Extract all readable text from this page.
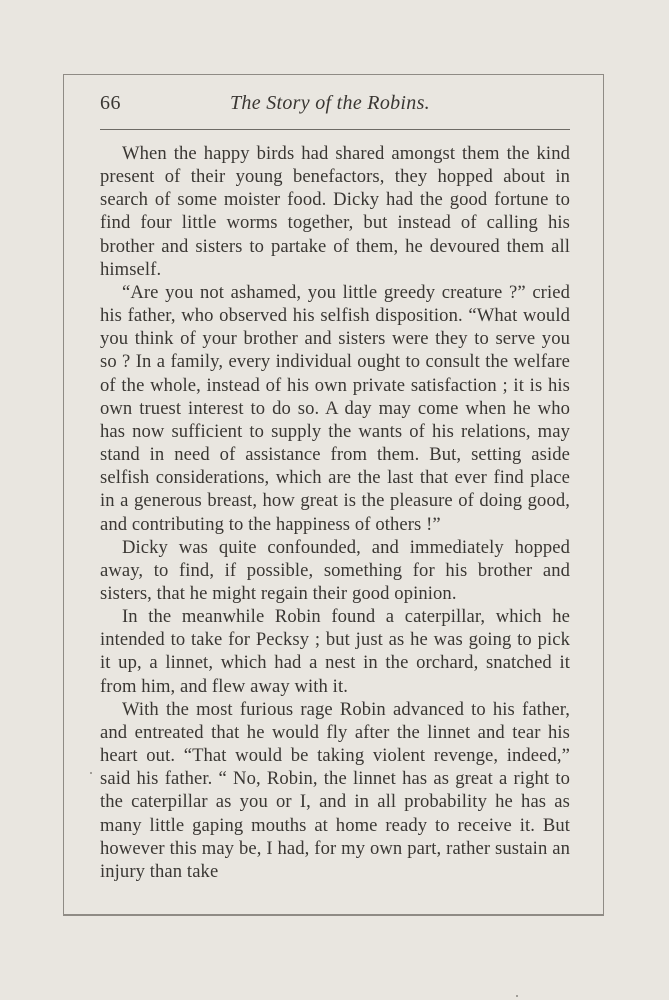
66	The Story of the Robins.

When the happy birds had shared amongst them the kind present of their young benefactors, they hopped about in search of some moister food. Dicky had the good fortune to find four little worms together, but instead of calling his brother and sisters to partake of them, he devoured them all himself.

“Are you not ashamed, you little greedy creature ?” cried his father, who observed his selfish disposition. “What would you think of your brother and sisters were they to serve you so ? In a family, every individual ought to consult the welfare of the whole, instead of his own private satisfaction ; it is his own truest interest to do so. A day may come when he who has now sufficient to supply the wants of his relations, may stand in need of assistance from them. But, setting aside selfish considerations, which are the last that ever find place in a generous breast, how great is the pleasure of doing good, and contributing to the happiness of others !”

Dicky was quite confounded, and immediately hopped away, to find, if possible, something for his brother and sisters, that he might regain their good opinion.

In the meanwhile Robin found a caterpillar, which he intended to take for Pecksy ; but just as he was going to pick it up, a linnet, which had a nest in the orchard, snatched it from him, and flew away with it.

With the most furious rage Robin advanced to his father, and entreated that he would fly after the linnet and tear his heart out. “That would be taking violent revenge, indeed,” said his father. “ No, Robin, the linnet has as great a right to the caterpillar as you or I, and in all probability he has as many little gaping mouths at home ready to receive it. But however this may be, I had, for my own part, rather sustain an injury than take
